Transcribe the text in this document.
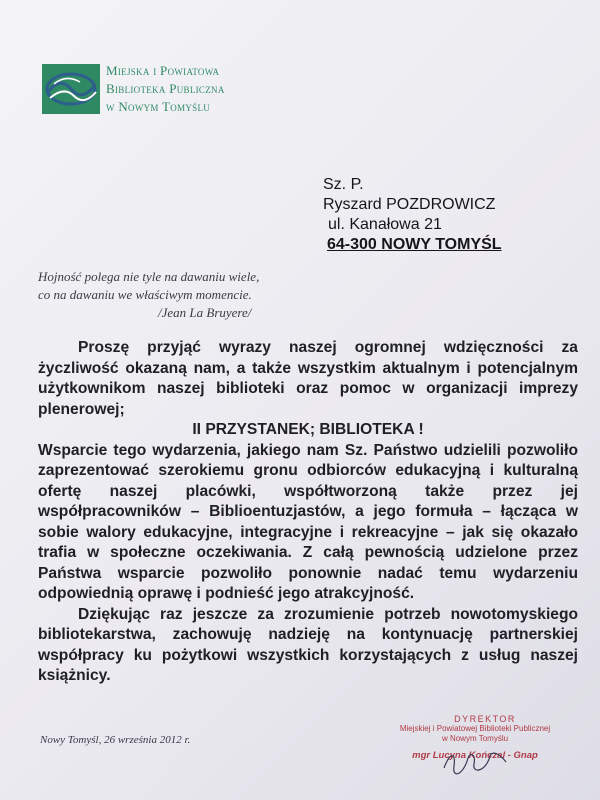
Miejska i Powiatowa
Biblioteka Publiczna
w Nowym Tomyślu
Sz. P.
Ryszard POZDROWICZ
ul. Kanałowa 21
64-300 NOWY TOMYŚL
Hojność polega nie tyle na dawaniu wiele,
co na dawaniu we właściwym momencie.
/Jean La Bruyere/

Proszę przyjąć wyrazy naszej ogromnej wdzięczności za życzliwość okazaną nam, a także wszystkim aktualnym i potencjalnym użytkownikom naszej biblioteki oraz pomoc w organizacji imprezy plenerowej;

II PRZYSTANEK; BIBLIOTEKA !

Wsparcie tego wydarzenia, jakiego nam Sz. Państwo udzielili pozwoliło zaprezentować szerokiemu gronu odbiorców edukacyjną i kulturalną ofertę naszej placówki, współtworzoną także przez jej współpracowników – Biblioentuzjastów, a jego formuła – łącząca w sobie walory edukacyjne, integracyjne i rekreacyjne – jak się okazało trafia w społeczne oczekiwania. Z całą pewnością udzielone przez Państwa wsparcie pozwoliło ponownie nadać temu wydarzeniu odpowiednią oprawę i podnieść jego atrakcyjność.

Dziękując raz jeszcze za zrozumienie potrzeb nowotomyskiego bibliotekarstwa, zachowuję nadzieję na kontynuację partnerskiej współpracy ku pożytkowi wszystkich korzystających z usług naszej książnicy.

Nowy Tomyśl, 26 września 2012 r.
DYREKTOR
Miejskiej i Powiatowej Biblioteki Publicznej
w Nowym Tomyślu
mgr Lucyna Kończal - Gnap
